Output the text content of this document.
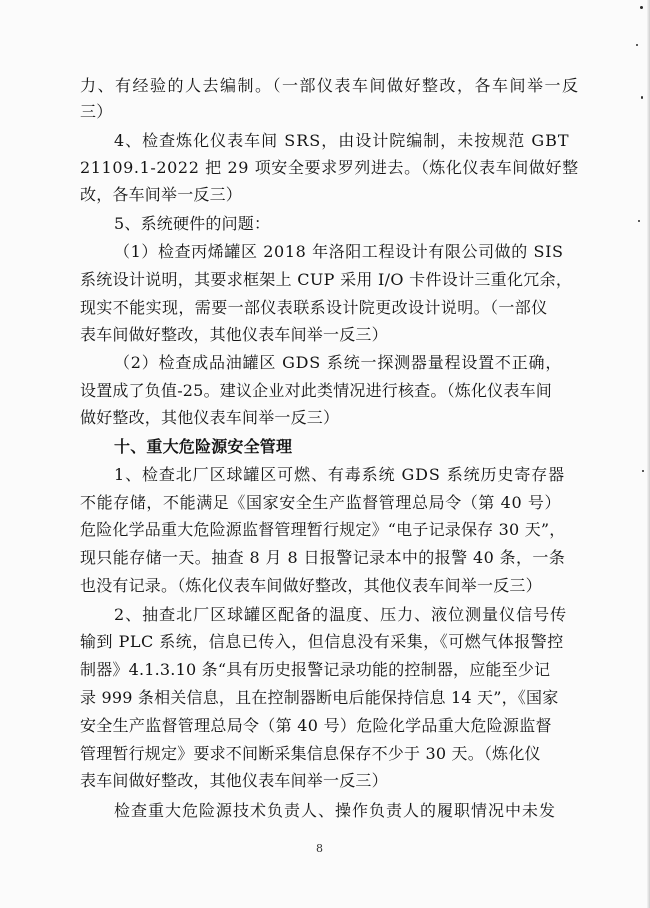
力、有经验的人去编制。（一部仪表车间做好整改，各车间举一反
三）
4、检查炼化仪表车间 SRS，由设计院编制，未按规范 GBT
21109.1-2022 把 29 项安全要求罗列进去。（炼化仪表车间做好整
改，各车间举一反三）
5、系统硬件的问题：
（1）检查丙烯罐区 2018 年洛阳工程设计有限公司做的 SIS
系统设计说明，其要求框架上 CUP 采用 I/O 卡件设计三重化冗余，
现实不能实现，需要一部仪表联系设计院更改设计说明。（一部仪
表车间做好整改，其他仪表车间举一反三）
（2）检查成品油罐区 GDS 系统一探测器量程设置不正确，
设置成了负值-25。建议企业对此类情况进行核查。（炼化仪表车间
做好整改，其他仪表车间举一反三）
十、重大危险源安全管理
1、检查北厂区球罐区可燃、有毒系统 GDS 系统历史寄存器
不能存储，不能满足《国家安全生产监督管理总局令（第 40 号）
危险化学品重大危险源监督管理暂行规定》“电子记录保存 30 天”，
现只能存储一天。抽查 8 月 8 日报警记录本中的报警 40 条，一条
也没有记录。（炼化仪表车间做好整改，其他仪表车间举一反三）
2、抽查北厂区球罐区配备的温度、压力、液位测量仪信号传
输到 PLC 系统，信息已传入，但信息没有采集，《可燃气体报警控
制器》4.1.3.10 条“具有历史报警记录功能的控制器，应能至少记
录 999 条相关信息，且在控制器断电后能保持信息 14 天”，《国家
安全生产监督管理总局令（第 40 号）危险化学品重大危险源监督
管理暂行规定》要求不间断采集信息保存不少于 30 天。（炼化仪
表车间做好整改，其他仪表车间举一反三）
检查重大危险源技术负责人、操作负责人的履职情况中未发
8
